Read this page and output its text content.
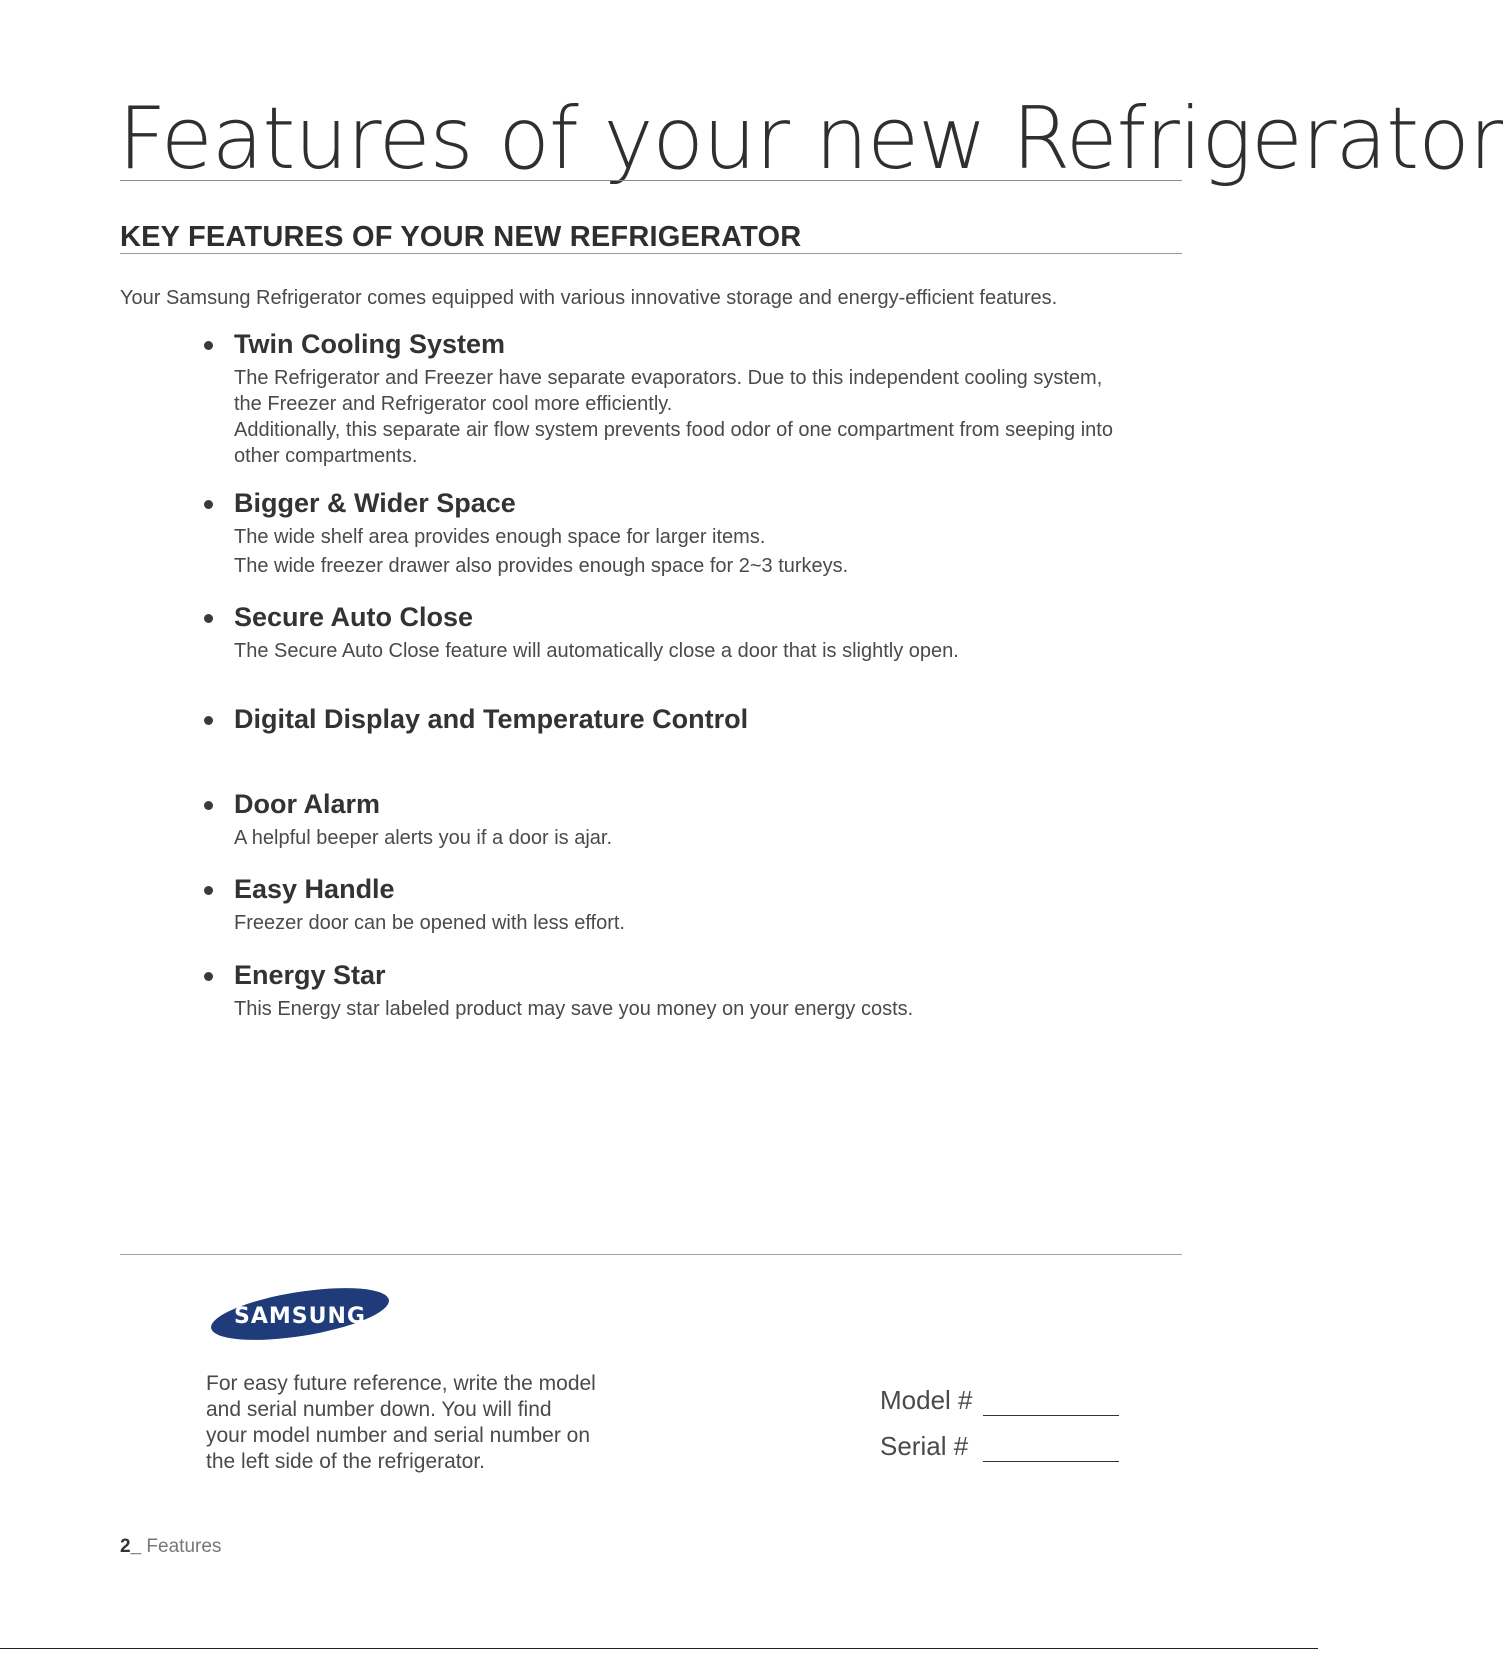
Features of your new Refrigerator
KEY FEATURES OF YOUR NEW REFRIGERATOR
Your Samsung Refrigerator comes equipped with various innovative storage and energy-efficient features.
Twin Cooling System
The Refrigerator and Freezer have separate evaporators. Due to this independent cooling system,
the Freezer and Refrigerator cool more efficiently.
Additionally, this separate air flow system prevents food odor of one compartment from seeping into
other compartments.
Bigger & Wider Space
The wide shelf area provides enough space for larger items.
The wide freezer drawer also provides enough space for 2~3 turkeys.
Secure Auto Close
The Secure Auto Close feature will automatically close a door that is slightly open.
Digital Display and Temperature Control
Door Alarm
A helpful beeper alerts you if a door is ajar.
Easy Handle
Freezer door can be opened with less effort.
Energy Star
This Energy star labeled product may save you money on your energy costs.
SAMSUNG
For easy future reference, write the model
and serial number down. You will find
your model number and serial number on
the left side of the refrigerator.
Model #
Serial #
2_ Features
